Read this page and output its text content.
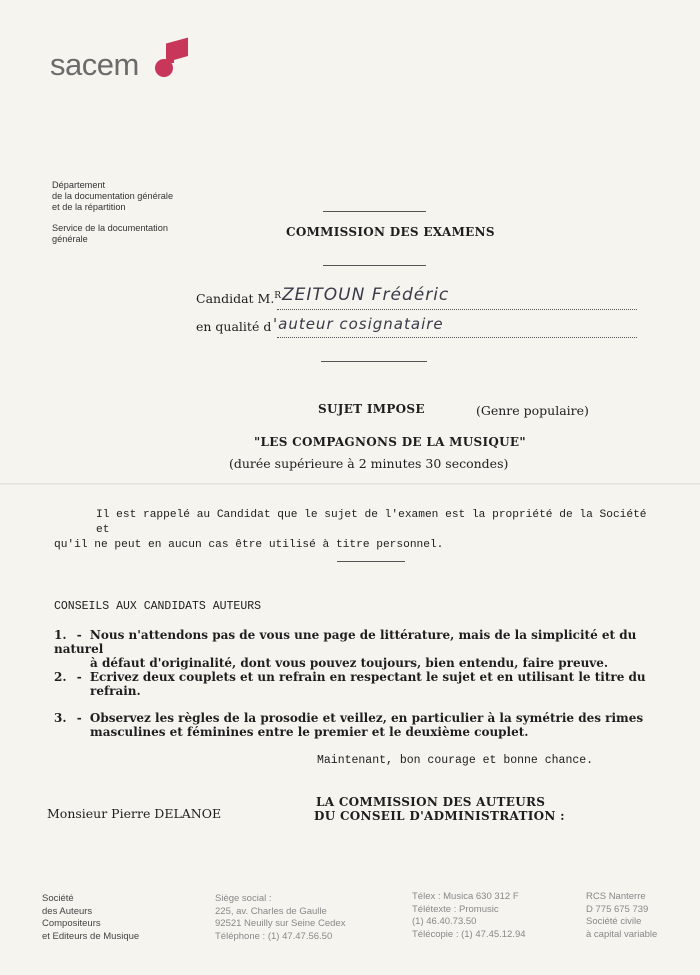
sacem
Département
de la documentation générale
et de la répartition
Service de la documentation
générale	COMMISSION DES EXAMENS
Candidat M.$^R$ ZEITOUN Frédéric
en qualité d 'auteur cosignataire
SUJET IMPOSE	(Genre populaire)
"LES COMPAGNONS DE LA MUSIQUE"
(durée supérieure à 2 minutes 30 secondes)
Il est rappelé au Candidat que le sujet de l'examen est la propriété de la Société et
qu'il ne peut en aucun cas être utilisé à titre personnel.
CONSEILS AUX CANDIDATS AUTEURS
1. - Nous n'attendons pas de vous une page de littérature, mais de la simplicité et du naturel
à défaut d'originalité, dont vous pouvez toujours, bien entendu, faire preuve.
2. - Ecrivez deux couplets et un refrain en respectant le sujet et en utilisant le titre du
refrain.
3. - Observez les règles de la prosodie et veillez, en particulier à la symétrie des rimes
masculines et féminines entre le premier et le deuxième couplet.
Maintenant, bon courage et bonne chance.
Monsieur Pierre DELANOE
LA COMMISSION DES AUTEURS
DU CONSEIL D'ADMINISTRATION :
Société
des Auteurs
Compositeurs
et Editeurs de Musique
Siège social :
225, av. Charles de Gaulle
92521 Neuilly sur Seine Cedex
Téléphone : (1) 47.47.56.50
Télex : Musica 630 312 F
Télétexte : Promusic
(1) 46.40.73.50
Télécopie : (1) 47.45.12.94
RCS Nanterre
D 775 675 739
Société civile
à capital variable
